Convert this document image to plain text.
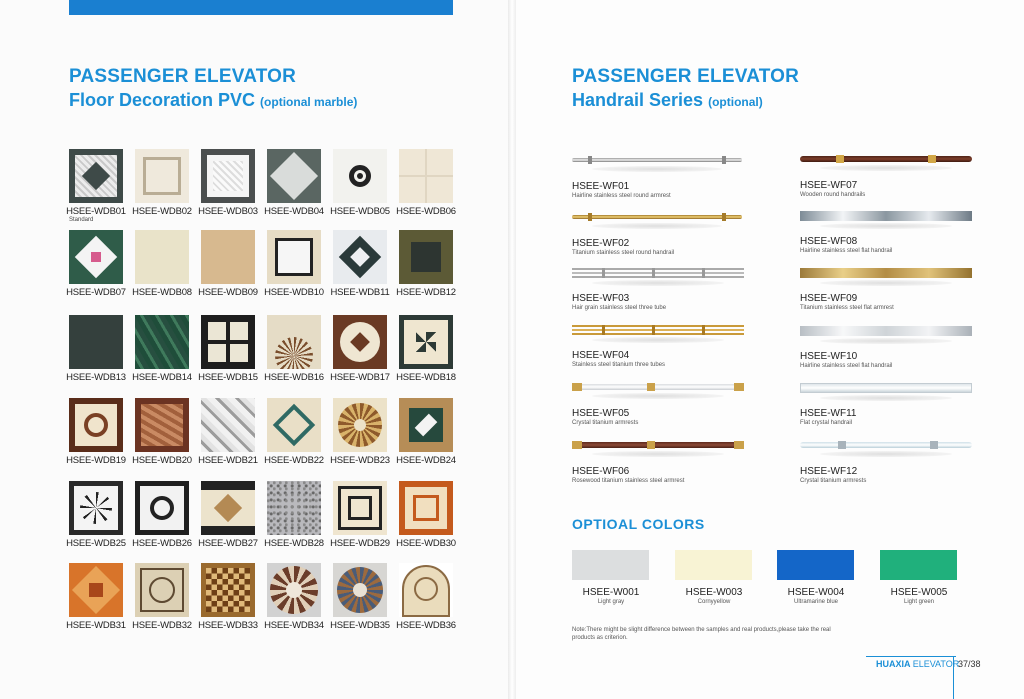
PASSENGER ELEVATOR
Floor Decoration PVC (optional marble)
PASSENGER ELEVATOR
Handrail Series (optional)
HSEE-WDB01
Standard
HSEE-WDB02 HSEE-WDB03 HSEE-WDB04 HSEE-WDB05 HSEE-WDB06
HSEE-WDB07 HSEE-WDB08 HSEE-WDB09 HSEE-WDB10 HSEE-WDB11 HSEE-WDB12
HSEE-WDB13 HSEE-WDB14 HSEE-WDB15 HSEE-WDB16 HSEE-WDB17 HSEE-WDB18
HSEE-WDB19 HSEE-WDB20 HSEE-WDB21 HSEE-WDB22 HSEE-WDB23 HSEE-WDB24
HSEE-WDB25 HSEE-WDB26 HSEE-WDB27 HSEE-WDB28 HSEE-WDB29 HSEE-WDB30
HSEE-WDB31 HSEE-WDB32 HSEE-WDB33 HSEE-WDB34 HSEE-WDB35 HSEE-WDB36
HSEE-WF01
Hairline stainless steel round armrest
HSEE-WF02
Titanium stainless steel round handrail
HSEE-WF03
Hair grain stainless steel three tube
HSEE-WF04
Stainless steel titanium three tubes
HSEE-WF05
Crystal titanium armrests
HSEE-WF06
Rosewood titanium stainless steel armrest
HSEE-WF07
Wooden round handrails
HSEE-WF08
Hairline stainless steel flat handrail
HSEE-WF09
Titanium stainless steel flat armrest
HSEE-WF10
Hairline stainless steel flat handrail
HSEE-WF11
Flat crystal handrail
HSEE-WF12
Crystal titanium armrests
OPTIOAL COLORS
HSEE-W001
Light gray
HSEE-W003
Cornyyellow
HSEE-W004
Ultramarine blue
HSEE-W005
Light green
Note:There might be slight difference between the samples and real products,please take the real products as criterion.
HUAXIA ELEVATOR
37/38
